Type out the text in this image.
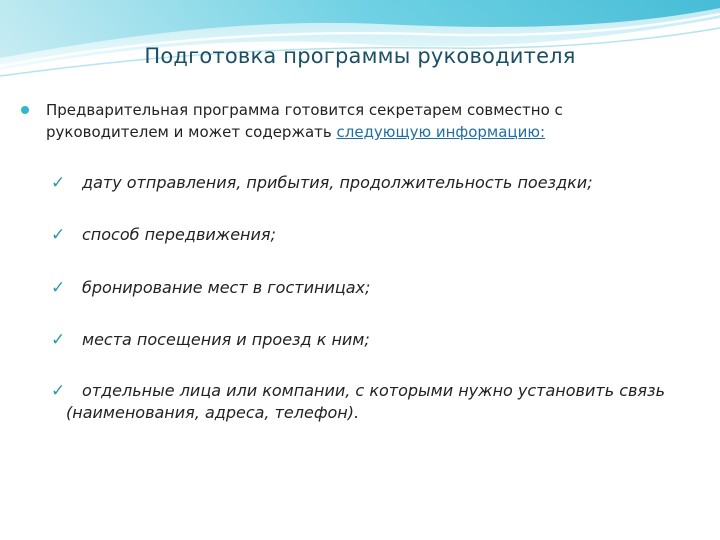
Подготовка программы руководителя
Предварительная программа готовится секретарем совместно с руководителем и может содержать следующую информацию:
✓ дату отправления, прибытия, продолжительность поездки;
✓ способ передвижения;
✓ бронирование мест в гостиницах;
✓ места посещения и проезд к ним;
✓	отдельные лица или компании, с которыми нужно установить связь
(наименования, адреса, телефон).
